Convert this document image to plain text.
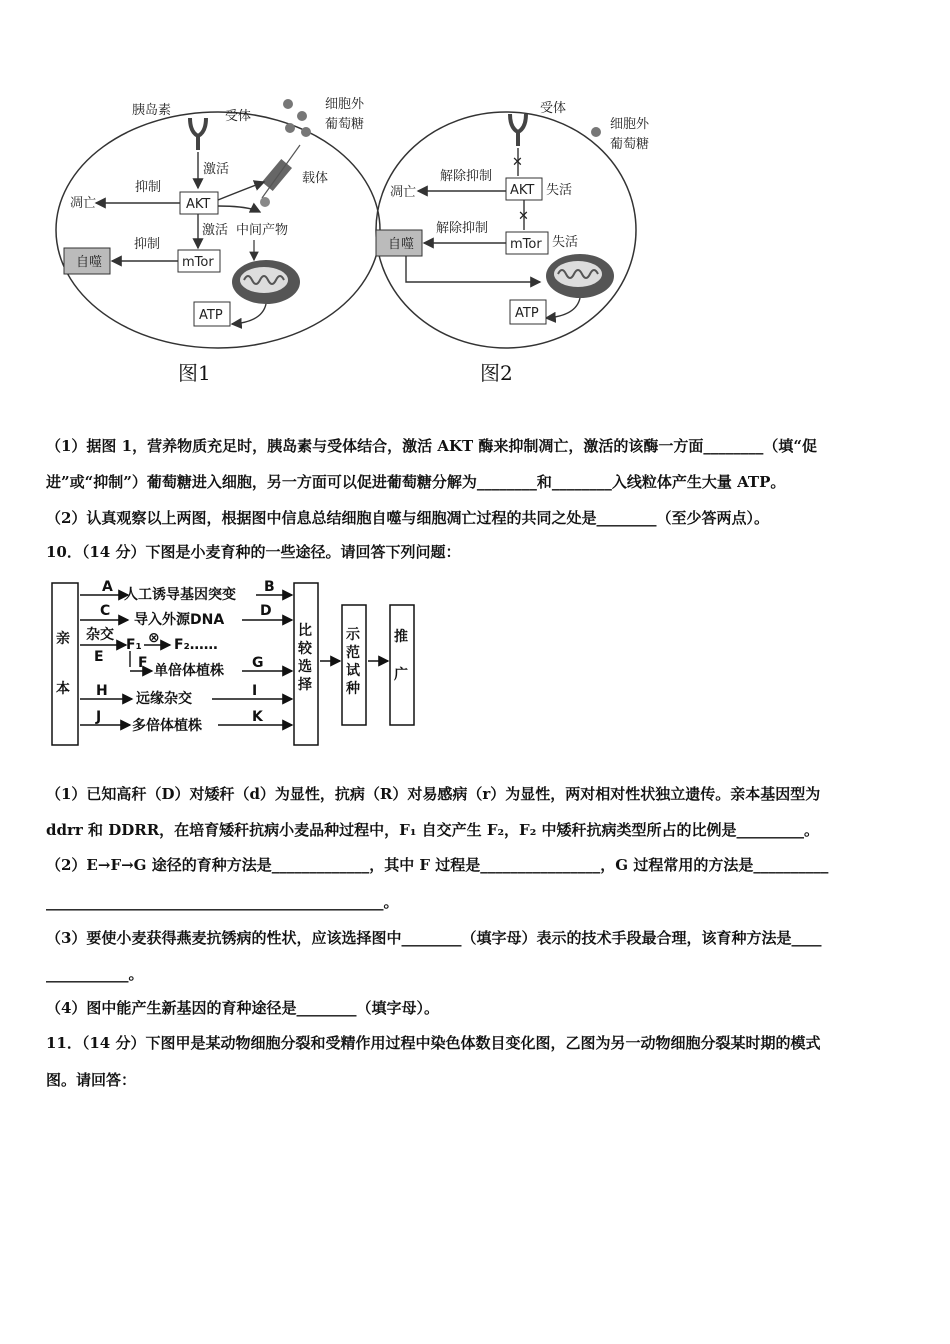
胰岛素	受体
细胞外
葡萄糖
载体
激活
AKT
抑制
凋亡
激活 中间产物
mTor
抑制
自噬
ATP
图1
受体
细胞外
葡萄糖
✕
AKT 失活
解除抑制
凋亡
✕
mTor 失活
解除抑制
自噬
ATP
图2
（1）据图 1，营养物质充足时，胰岛素与受体结合，激活 AKT 酶来抑制凋亡，激活的该酶一方面________（填“促
进”或“抑制”）葡萄糖进入细胞，另一方面可以促进葡萄糖分解为________和________入线粒体产生大量 ATP。
（2）认真观察以上两图，根据图中信息总结细胞自噬与细胞凋亡过程的共同之处是________（至少答两点）。
10．（14 分）下图是小麦育种的一些途径。请回答下列问题：
亲
本
A 人工诱导基因突变 B
C
导入外源DNA
D
杂交
E
F₁ ⊗ F₂……
F 单倍体植株 G
H 远缘杂交	I
J
多倍体植株
K
比
较
选
择
示
范
试
种
推
广
（1）已知高秆（D）对矮秆（d）为显性，抗病（R）对易感病（r）为显性，两对相对性状独立遗传。亲本基因型为
ddrr 和 DDRR，在培育矮秆抗病小麦品种过程中，F₁ 自交产生 F₂，F₂ 中矮秆抗病类型所占的比例是_________。
（2）E→F→G 途径的育种方法是_____________，其中 F 过程是________________，G 过程常用的方法是__________
_____________________________________________。
（3）要使小麦获得燕麦抗锈病的性状，应该选择图中________（填字母）表示的技术手段最合理，该育种方法是____
___________。
（4）图中能产生新基因的育种途径是________（填字母）。
11．（14 分）下图甲是某动物细胞分裂和受精作用过程中染色体数目变化图，乙图为另一动物细胞分裂某时期的模式
图。请回答：
